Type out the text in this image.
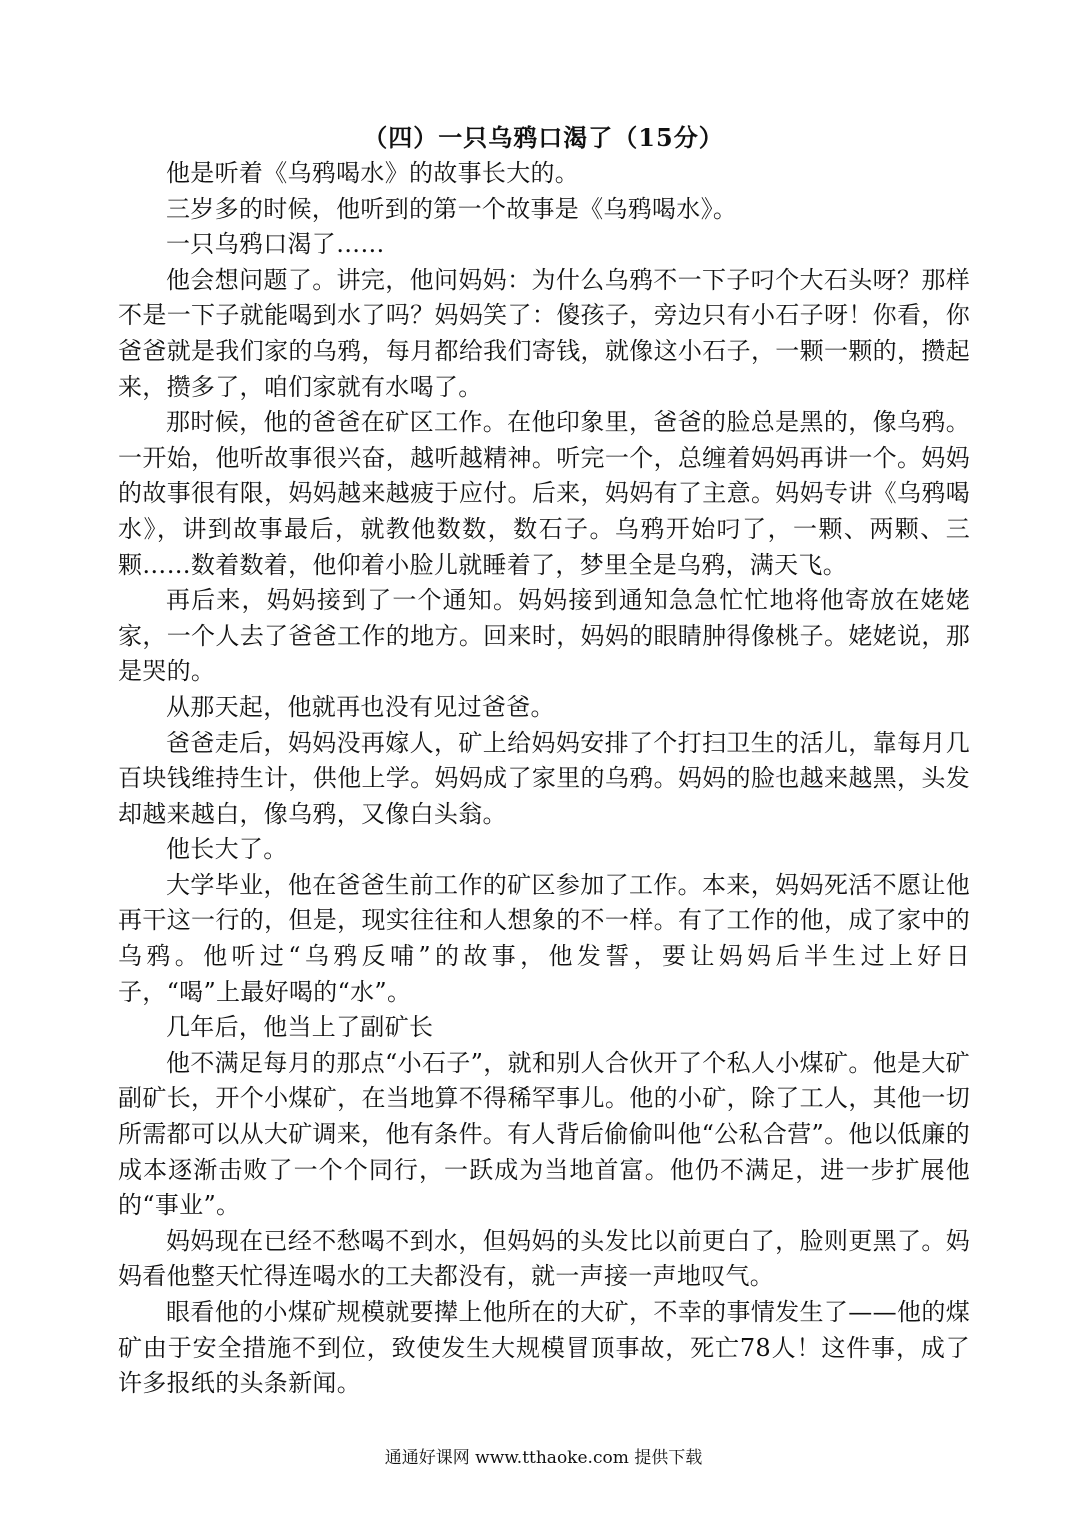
（四）一只乌鸦口渴了（15分）

他是听着《乌鸦喝水》的故事长大的。

三岁多的时候，他听到的第一个故事是《乌鸦喝水》。

一只乌鸦口渴了……

他会想问题了。讲完，他问妈妈：为什么乌鸦不一下子叼个大石头呀？那样不是一下子就能喝到水了吗？妈妈笑了：傻孩子，旁边只有小石子呀！你看，你爸爸就是我们家的乌鸦，每月都给我们寄钱，就像这小石子，一颗一颗的，攒起来，攒多了，咱们家就有水喝了。

那时候，他的爸爸在矿区工作。在他印象里，爸爸的脸总是黑的，像乌鸦。一开始，他听故事很兴奋，越听越精神。听完一个，总缠着妈妈再讲一个。妈妈的故事很有限，妈妈越来越疲于应付。后来，妈妈有了主意。妈妈专讲《乌鸦喝水》，讲到故事最后，就教他数数，数石子。乌鸦开始叼了，一颗、两颗、三颗……数着数着，他仰着小脸儿就睡着了，梦里全是乌鸦，满天飞。

再后来，妈妈接到了一个通知。妈妈接到通知急急忙忙地将他寄放在姥姥家，一个人去了爸爸工作的地方。回来时，妈妈的眼睛肿得像桃子。姥姥说，那是哭的。

从那天起，他就再也没有见过爸爸。

爸爸走后，妈妈没再嫁人，矿上给妈妈安排了个打扫卫生的活儿，靠每月几百块钱维持生计，供他上学。妈妈成了家里的乌鸦。妈妈的脸也越来越黑，头发却越来越白，像乌鸦，又像白头翁。

他长大了。

大学毕业，他在爸爸生前工作的矿区参加了工作。本来，妈妈死活不愿让他再干这一行的，但是，现实往往和人想象的不一样。有了工作的他，成了家中的乌鸦。他听过“乌鸦反哺”的故事，他发誓，要让妈妈后半生过上好日子，“喝”上最好喝的“水”。

几年后，他当上了副矿长

他不满足每月的那点“小石子”，就和别人合伙开了个私人小煤矿。他是大矿副矿长，开个小煤矿，在当地算不得稀罕事儿。他的小矿，除了工人，其他一切所需都可以从大矿调来，他有条件。有人背后偷偷叫他“公私合营”。他以低廉的成本逐渐击败了一个个同行，一跃成为当地首富。他仍不满足，进一步扩展他的“事业”。

妈妈现在已经不愁喝不到水，但妈妈的头发比以前更白了，脸则更黑了。妈妈看他整天忙得连喝水的工夫都没有，就一声接一声地叹气。

眼看他的小煤矿规模就要撵上他所在的大矿，不幸的事情发生了——他的煤矿由于安全措施不到位，致使发生大规模冒顶事故，死亡78人！这件事，成了许多报纸的头条新闻。

通通好课网 www.tthaoke.com 提供下载
